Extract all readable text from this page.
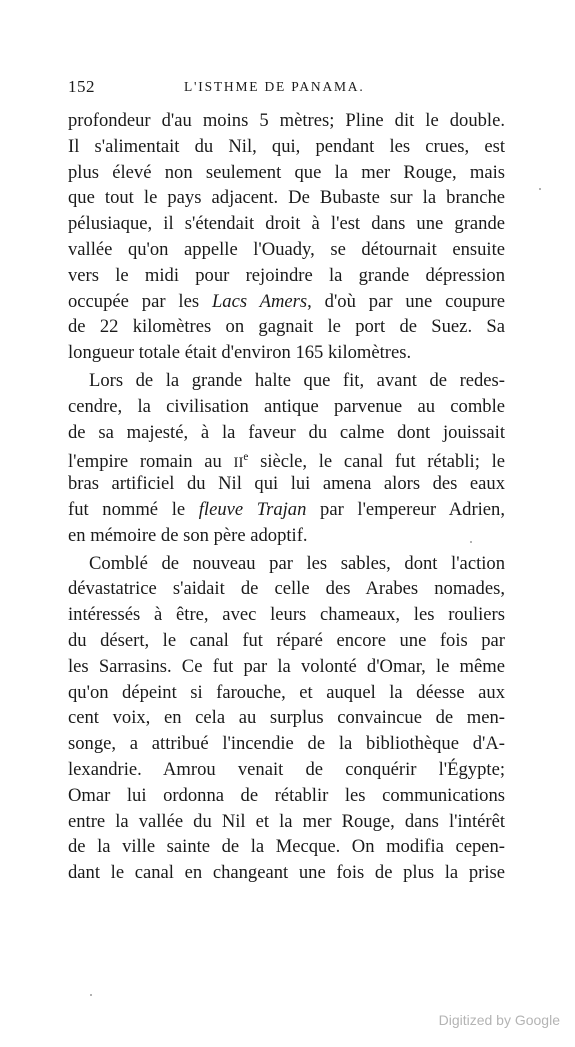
152	L'ISTHME DE PANAMA.
profondeur d'au moins 5 mètres; Pline dit le double.
Il s'alimentait du Nil, qui, pendant les crues, est
plus élevé non seulement que la mer Rouge, mais
que tout le pays adjacent. De Bubaste sur la branche
pélusiaque, il s'étendait droit à l'est dans une grande
vallée qu'on appelle l'Ouady, se détournait ensuite
vers le midi pour rejoindre la grande dépression
occupée par les Lacs Amers, d'où par une coupure
de 22 kilomètres on gagnait le port de Suez. Sa
longueur totale était d'environ 165 kilomètres.
Lors de la grande halte que fit, avant de redes-
cendre, la civilisation antique parvenue au comble
de sa majesté, à la faveur du calme dont jouissait
l'empire romain au IIe siècle, le canal fut rétabli; le
bras artificiel du Nil qui lui amena alors des eaux
fut nommé le fleuve Trajan par l'empereur Adrien,
en mémoire de son père adoptif.
Comblé de nouveau par les sables, dont l'action
dévastatrice s'aidait de celle des Arabes nomades,
intéressés à être, avec leurs chameaux, les rouliers
du désert, le canal fut réparé encore une fois par
les Sarrasins. Ce fut par la volonté d'Omar, le même
qu'on dépeint si farouche, et auquel la déesse aux
cent voix, en cela au surplus convaincue de men-
songe, a attribué l'incendie de la bibliothèque d'A-
lexandrie. Amrou venait de conquérir l'Égypte;
Omar lui ordonna de rétablir les communications
entre la vallée du Nil et la mer Rouge, dans l'intérêt
de la ville sainte de la Mecque. On modifia cepen-
dant le canal en changeant une fois de plus la prise
Digitized by Google
